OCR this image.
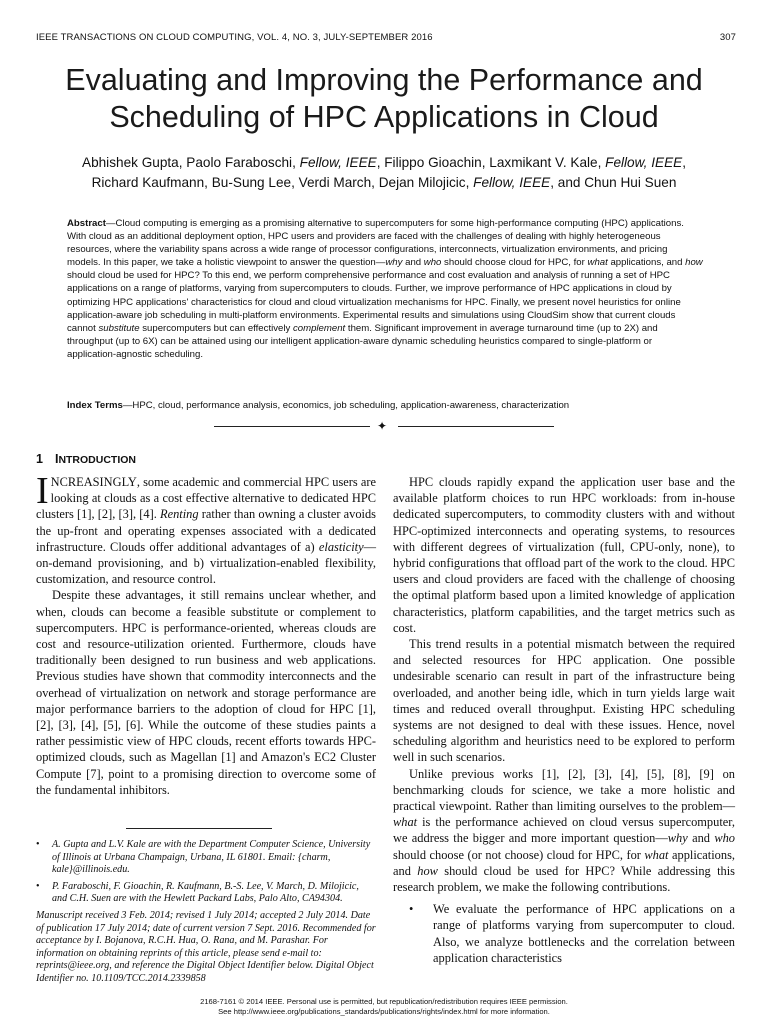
IEEE TRANSACTIONS ON CLOUD COMPUTING, VOL. 4, NO. 3, JULY-SEPTEMBER 2016	307
Evaluating and Improving the Performance and Scheduling of HPC Applications in Cloud
Abhishek Gupta, Paolo Faraboschi, Fellow, IEEE, Filippo Gioachin, Laxmikant V. Kale, Fellow, IEEE,
Richard Kaufmann, Bu-Sung Lee, Verdi March, Dejan Milojicic, Fellow, IEEE, and Chun Hui Suen
Abstract—Cloud computing is emerging as a promising alternative to supercomputers for some high-performance computing (HPC) applications. With cloud as an additional deployment option, HPC users and providers are faced with the challenges of dealing with highly heterogeneous resources, where the variability spans across a wide range of processor configurations, interconnects, virtualization environments, and pricing models. In this paper, we take a holistic viewpoint to answer the question—why and who should choose cloud for HPC, for what applications, and how should cloud be used for HPC? To this end, we perform comprehensive performance and cost evaluation and analysis of running a set of HPC applications on a range of platforms, varying from supercomputers to clouds. Further, we improve performance of HPC applications in cloud by optimizing HPC applications' characteristics for cloud and cloud virtualization mechanisms for HPC. Finally, we present novel heuristics for online application-aware job scheduling in multi-platform environments. Experimental results and simulations using CloudSim show that current clouds cannot substitute supercomputers but can effectively complement them. Significant improvement in average turnaround time (up to 2X) and throughput (up to 6X) can be attained using our intelligent application-aware dynamic scheduling heuristics compared to single-platform or application-agnostic scheduling.
Index Terms—HPC, cloud, performance analysis, economics, job scheduling, application-awareness, characterization
✦
1 INTRODUCTION

INCREASINGLY, some academic and commercial HPC users are looking at clouds as a cost effective alternative to dedicated HPC clusters [1], [2], [3], [4]. Renting rather than owning a cluster avoids the up-front and operating expenses associated with a dedicated infrastructure. Clouds offer additional advantages of a) elasticity—on-demand provisioning, and b) virtualization-enabled flexibility, customization, and resource control.

Despite these advantages, it still remains unclear whether, and when, clouds can become a feasible substitute or complement to supercomputers. HPC is performance-oriented, whereas clouds are cost and resource-utilization oriented. Furthermore, clouds have traditionally been designed to run business and web applications. Previous studies have shown that commodity interconnects and the overhead of virtualization on network and storage performance are major performance barriers to the adoption of cloud for HPC [1], [2], [3], [4], [5], [6]. While the outcome of these studies paints a rather pessimistic view of HPC clouds, recent efforts towards HPC-optimized clouds, such as Magellan [1] and Amazon's EC2 Cluster Compute [7], point to a promising direction to overcome some of the fundamental inhibitors.

• A. Gupta and L.V. Kale are with the Department Computer Science, University of Illinois at Urbana Champaign, Urbana, IL 61801. Email: {charm, kale}@illinois.edu.
• P. Faraboschi, F. Gioachin, R. Kaufmann, B.-S. Lee, V. March, D. Milojicic, and C.H. Suen are with the Hewlett Packard Labs, Palo Alto, CA94304.
Manuscript received 3 Feb. 2014; revised 1 July 2014; accepted 2 July 2014. Date of publication 17 July 2014; date of current version 7 Sept. 2016. Recommended for acceptance by I. Bojanova, R.C.H. Hua, O. Rana, and M. Parashar. For information on obtaining reprints of this article, please send e-mail to: reprints@ieee.org, and reference the Digital Object Identifier below. Digital Object Identifier no. 10.1109/TCC.2014.2339858

HPC clouds rapidly expand the application user base and the available platform choices to run HPC workloads: from in-house dedicated supercomputers, to commodity clusters with and without HPC-optimized interconnects and operating systems, to resources with different degrees of virtualization (full, CPU-only, none), to hybrid configurations that offload part of the work to the cloud. HPC users and cloud providers are faced with the challenge of choosing the optimal platform based upon a limited knowledge of application characteristics, platform capabilities, and the target metrics such as cost.

This trend results in a potential mismatch between the required and selected resources for HPC application. One possible undesirable scenario can result in part of the infrastructure being overloaded, and another being idle, which in turn yields large wait times and reduced overall throughput. Existing HPC scheduling systems are not designed to deal with these issues. Hence, novel scheduling algorithm and heuristics need to be explored to perform well in such scenarios.

Unlike previous works [1], [2], [3], [4], [5], [8], [9] on benchmarking clouds for science, we take a more holistic and practical viewpoint. Rather than limiting ourselves to the problem—what is the performance achieved on cloud versus supercomputer, we address the bigger and more important question—why and who should choose (or not choose) cloud for HPC, for what applications, and how should cloud be used for HPC? While addressing this research problem, we make the following contributions.

• We evaluate the performance of HPC applications on a range of platforms varying from supercomputer to cloud. Also, we analyze bottlenecks and the correlation between application characteristics
2168-7161 © 2014 IEEE. Personal use is permitted, but republication/redistribution requires IEEE permission.
See http://www.ieee.org/publications_standards/publications/rights/index.html for more information.
